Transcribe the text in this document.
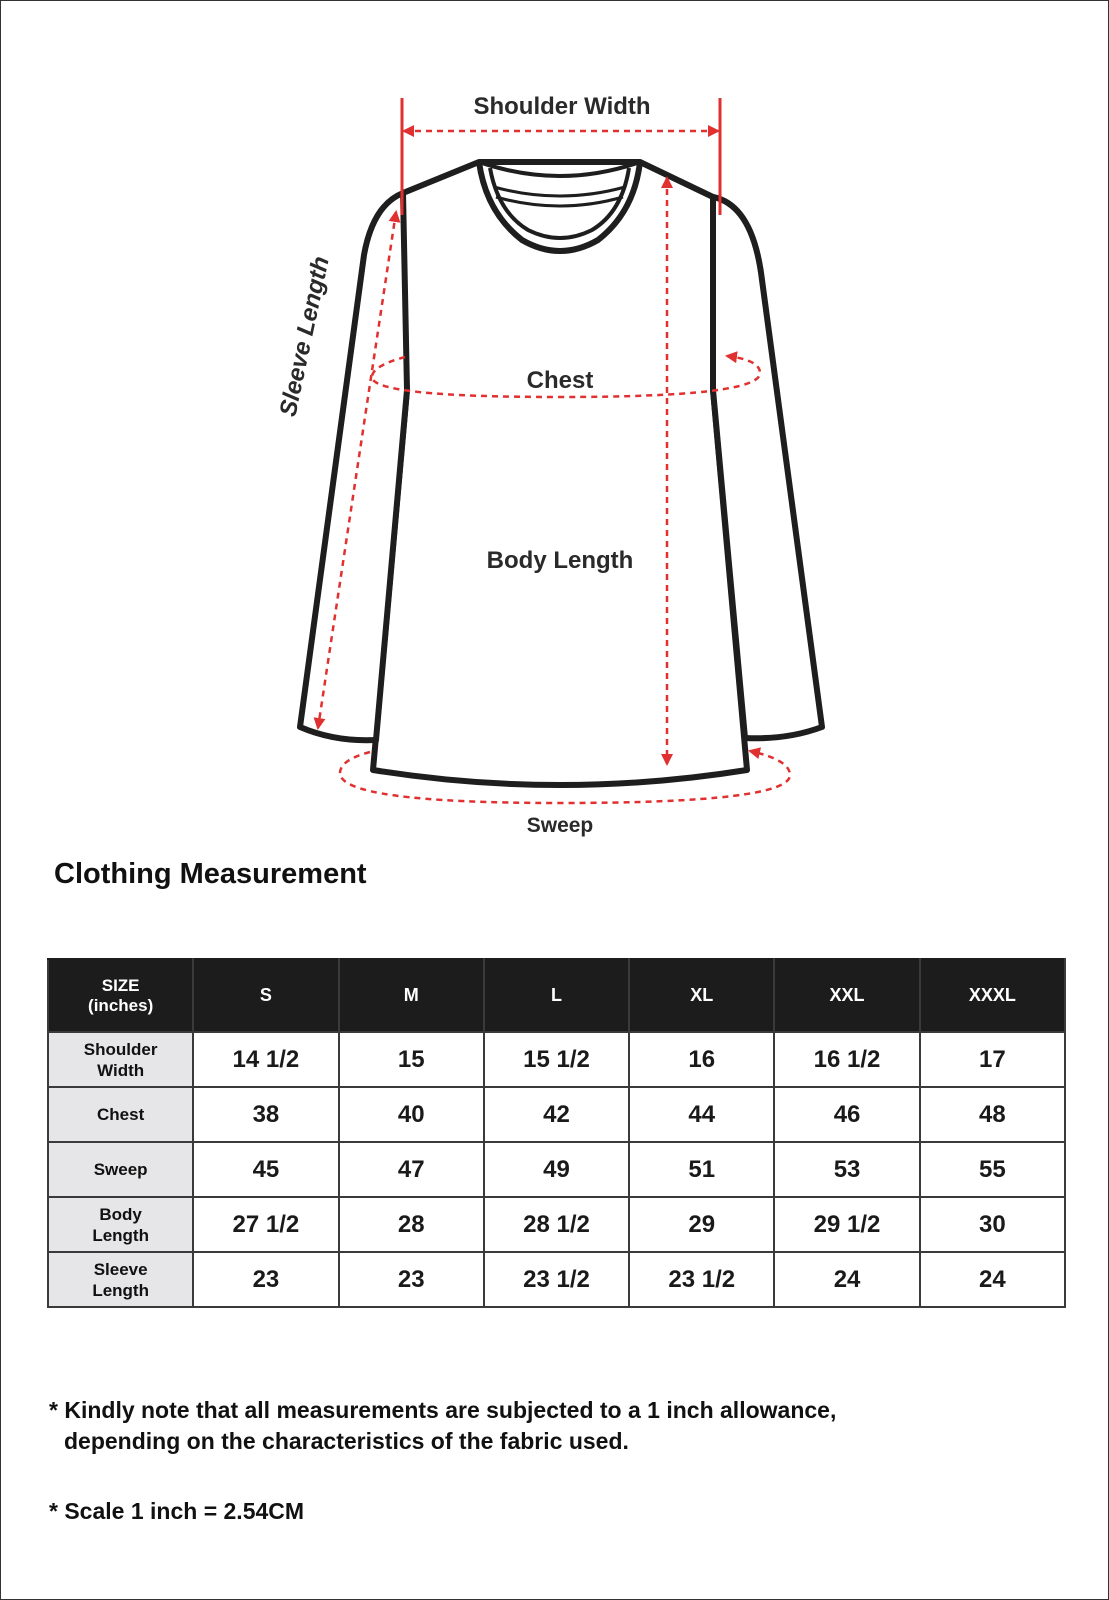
Shoulder Width
Sleeve Length	Chest
Body Length
Sweep
Clothing Measurement
SIZE
(inches)	S	M	L	XL	XXL	XXXL

Shoulder
Width	14 1/2	15	15 1/2	16	16 1/2	17

Chest	38	40	42	44	46	48

Sweep	45	47	49	51	53	55

Body
Length	27 1/2	28	28 1/2	29	29 1/2	30

Sleeve
Length	23	23	23 1/2	23 1/2	24	24

* Kindly note that all measurements are subjected to a 1 inch allowance,
depending on the characteristics of the fabric used.

* Scale 1 inch = 2.54CM
